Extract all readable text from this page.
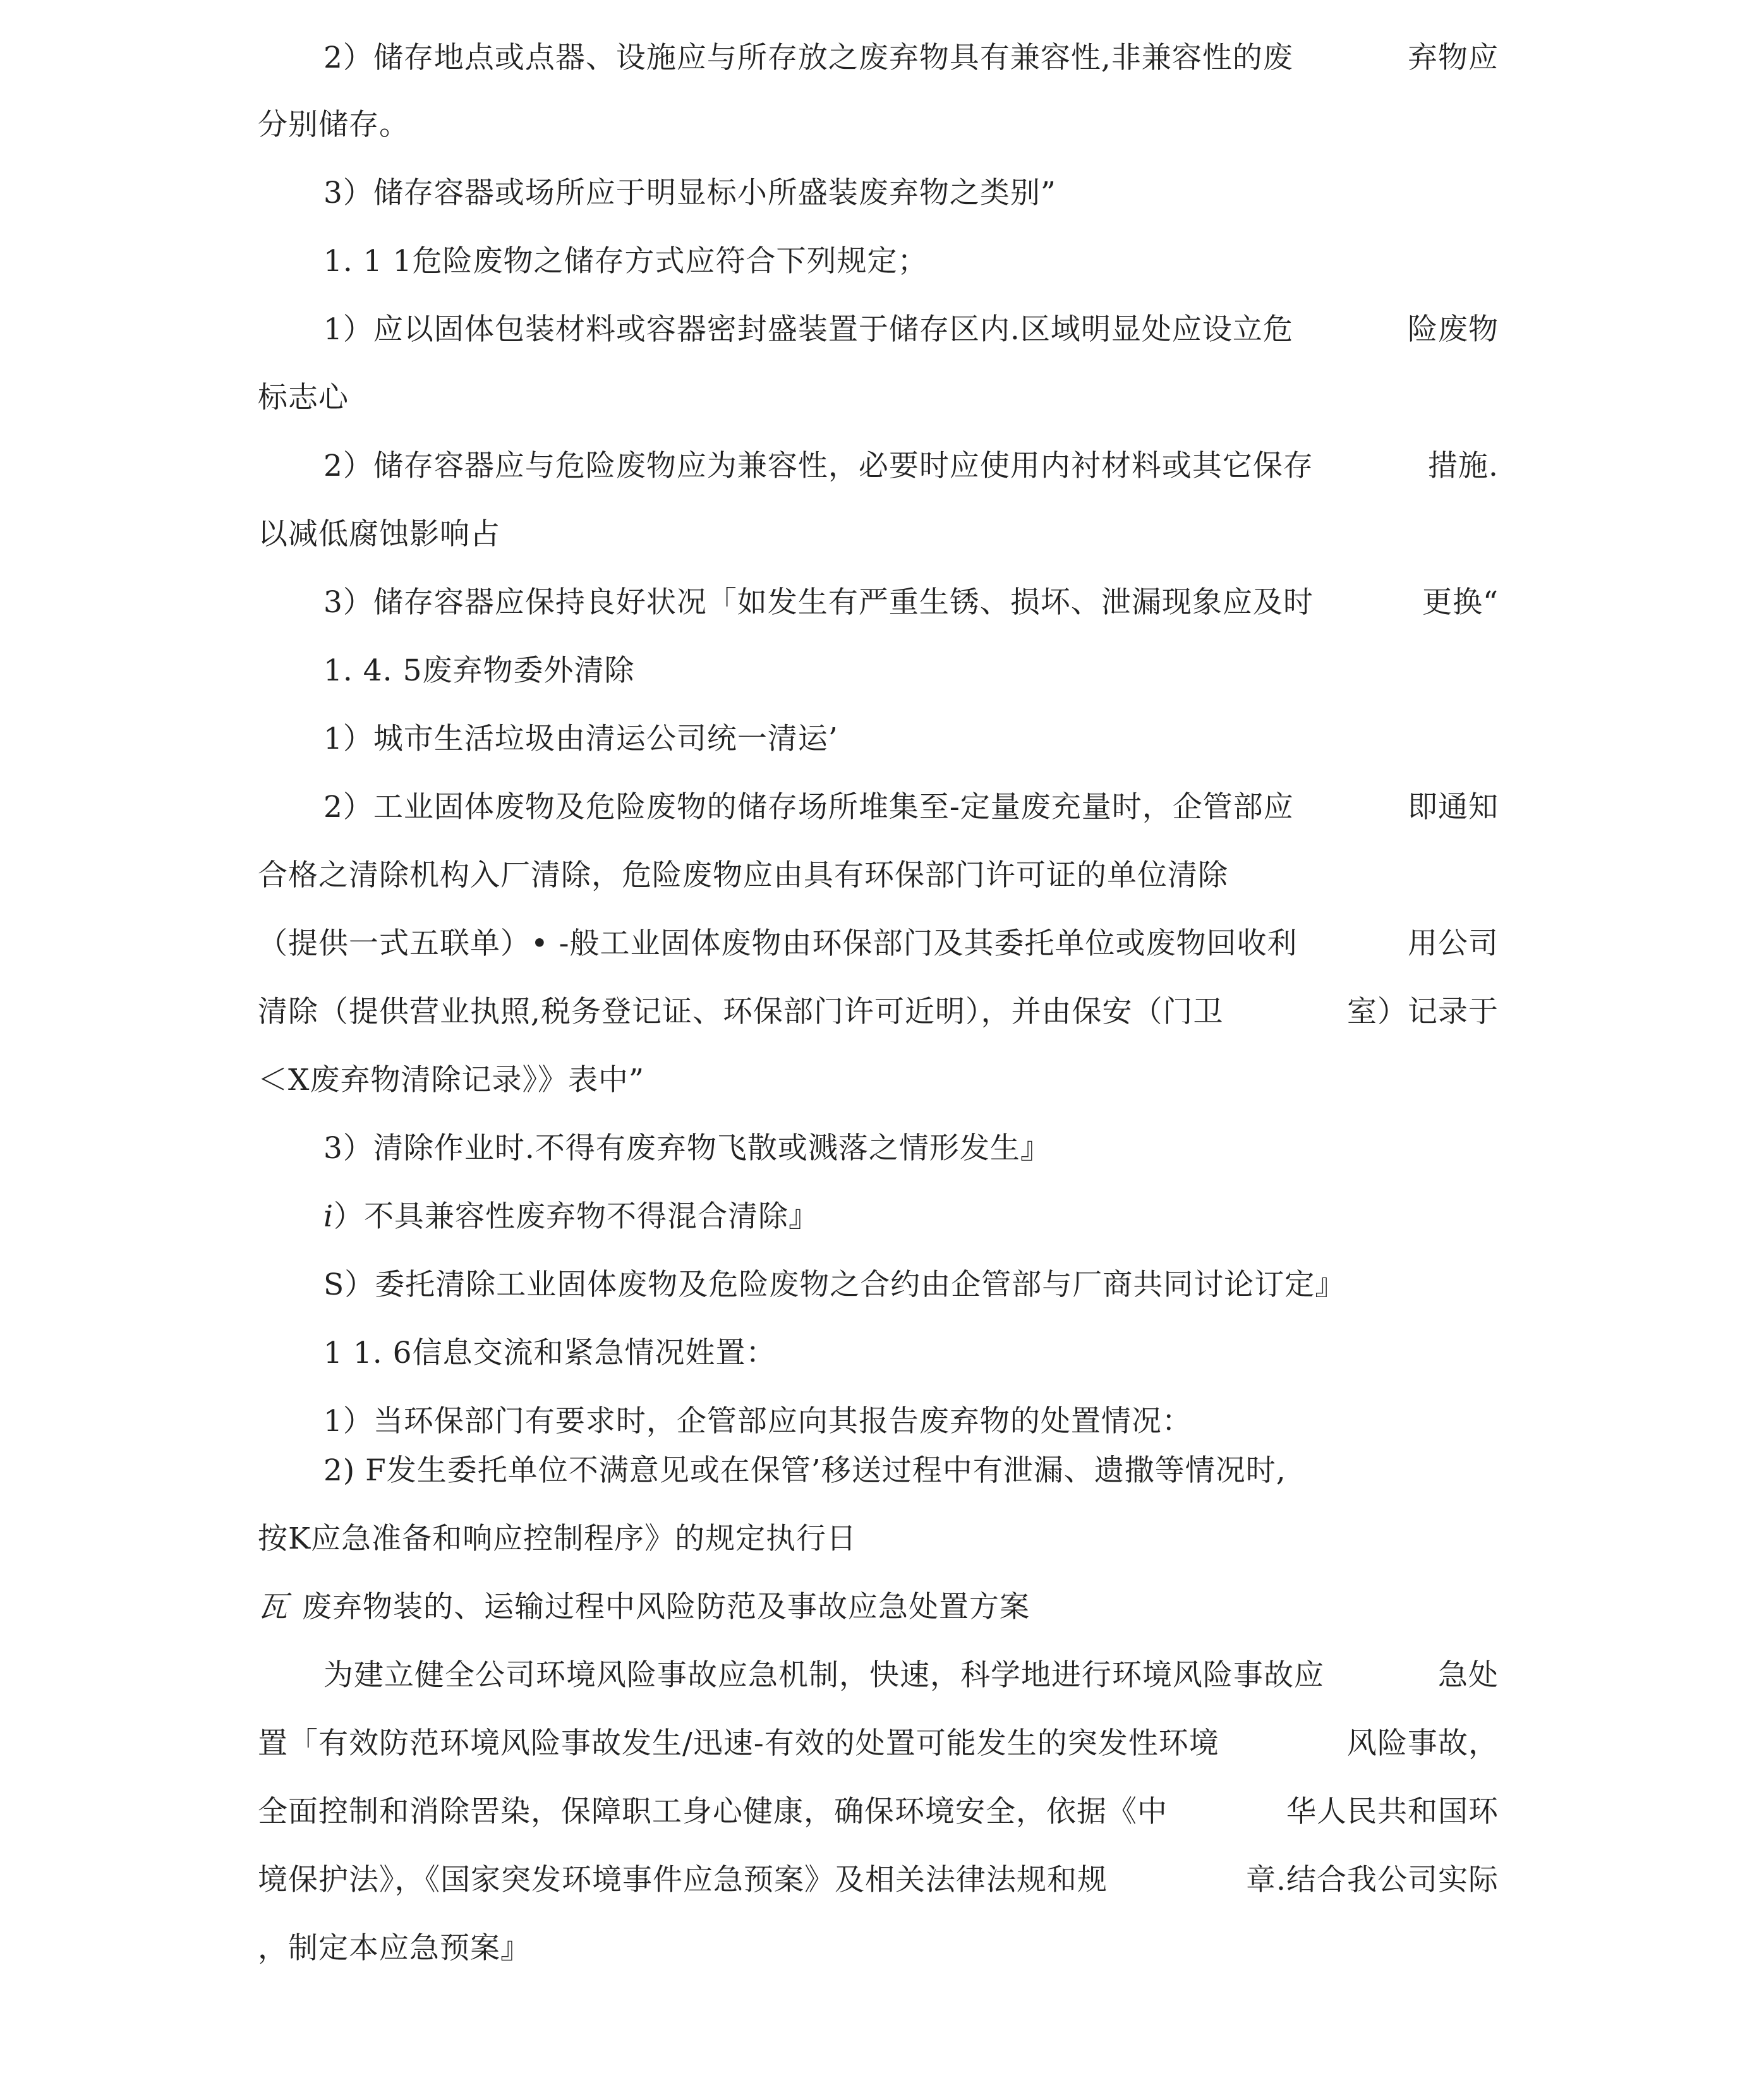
2）储存地点或点器、设施应与所存放之废弃物具有兼容性,非兼容性的废	弃物应
分别储存。
3）储存容器或场所应于明显标小所盛装废弃物之类别”
1. 1 1危险废物之储存方式应符合下列规定；
1）应以固体包装材料或容器密封盛装置于储存区内.区域明显处应设立危	险废物
标志心
2）储存容器应与危险废物应为兼容性，必要时应使用内衬材料或其它保存	措施.
以减低腐蚀影响占
3）储存容器应保持良好状况「如发生有严重生锈、损坏、泄漏现象应及时	更换“
1. 4. 5废弃物委外清除
1）城市生活垃圾由清运公司统一清运’
2）工业固体废物及危险废物的储存场所堆集至-定量废充量时，企管部应	即通知
合格之清除机构入厂清除，危险废物应由具有环保部门许可证的单位清除
（提供一式五联单）• -般工业固体废物由环保部门及其委托单位或废物回收利	用公司
清除（提供营业执照,税务登记证、环保部门许可近明），并由保安（门卫	室）记录于
＜X废弃物清除记录》》表中”
3）清除作业时.不得有废弃物飞散或溅落之情形发生』
i）不具兼容性废弃物不得混合清除』
S）委托清除工业固体废物及危险废物之合约由企管部与厂商共同讨论订定』
1 1. 6信息交流和紧急情况姓置：
1）当环保部门有要求时，企管部应向其报告废弃物的处置情况：
2) F发生委托单位不满意见或在保管’移送过程中有泄漏、遗撒等情况时,
按K应急准备和响应控制程序》的规定执行日
瓦 废弃物装的、运输过程中风险防范及事故应急处置方案
为建立健全公司环境风险事故应急机制，快速，科学地进行环境风险事故应	急处
置「有效防范环境风险事故发生/迅速-有效的处置可能发生的突发性环境	风险事故，
全面控制和消除罟染，保障职工身心健康，确保环境安全，依据《中	华人民共和国环
境保护法》，《国家突发环境事件应急预案》及相关法律法规和规	章.结合我公司实际
，制定本应急预案』
